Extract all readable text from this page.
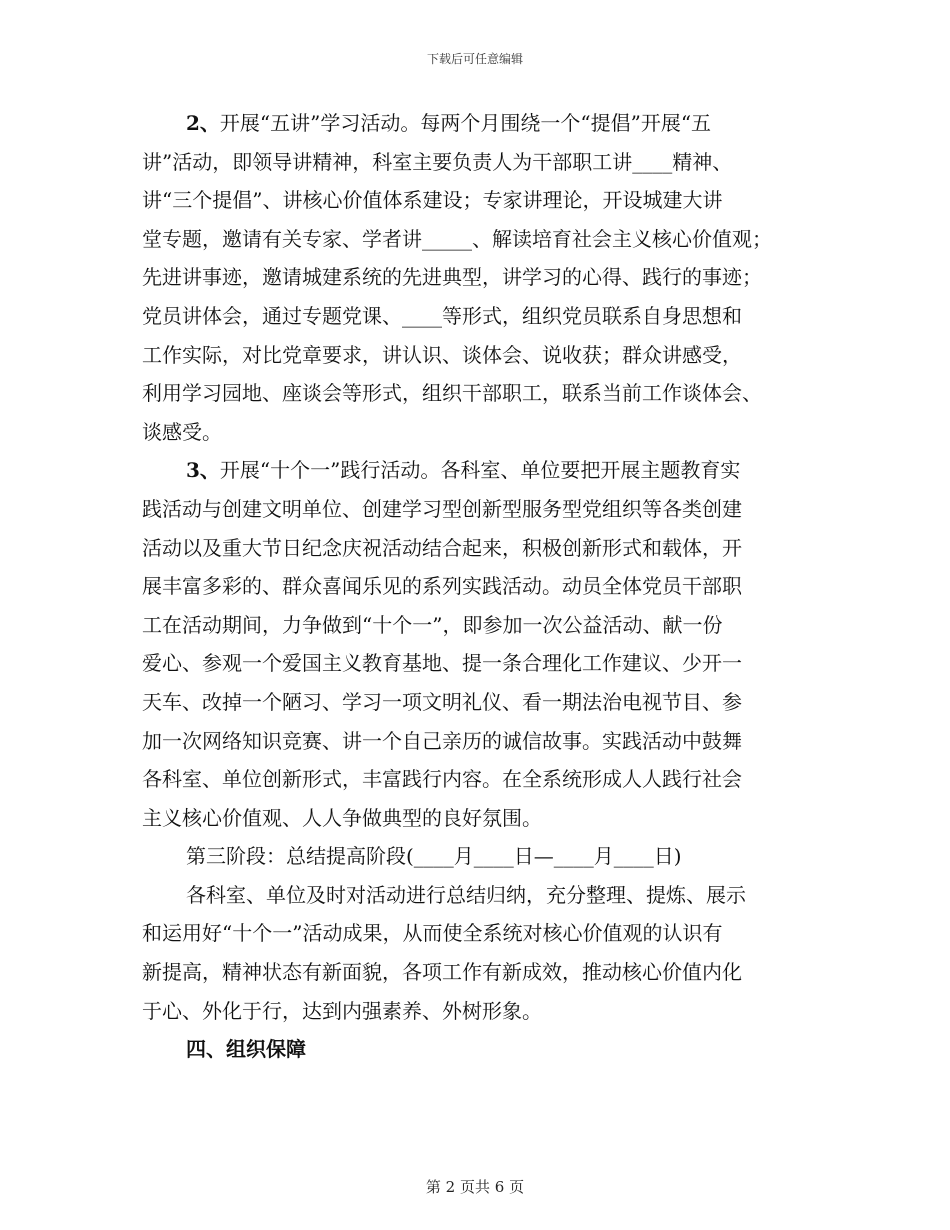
下载后可任意编辑
2、开展“五讲”学习活动。每两个月围绕一个“提倡”开展“五
讲”活动，即领导讲精神，科室主要负责人为干部职工讲____精神、
讲“三个提倡”、讲核心价值体系建设；专家讲理论，开设城建大讲
堂专题，邀请有关专家、学者讲_____、解读培育社会主义核心价值观；
先进讲事迹，邀请城建系统的先进典型，讲学习的心得、践行的事迹；
党员讲体会，通过专题党课、____等形式，组织党员联系自身思想和
工作实际，对比党章要求，讲认识、谈体会、说收获；群众讲感受，
利用学习园地、座谈会等形式，组织干部职工，联系当前工作谈体会、
谈感受。
3、开展“十个一”践行活动。各科室、单位要把开展主题教育实
践活动与创建文明单位、创建学习型创新型服务型党组织等各类创建
活动以及重大节日纪念庆祝活动结合起来，积极创新形式和载体，开
展丰富多彩的、群众喜闻乐见的系列实践活动。动员全体党员干部职
工在活动期间，力争做到“十个一”，即参加一次公益活动、献一份
爱心、参观一个爱国主义教育基地、提一条合理化工作建议、少开一
天车、改掉一个陋习、学习一项文明礼仪、看一期法治电视节目、参
加一次网络知识竞赛、讲一个自己亲历的诚信故事。实践活动中鼓舞
各科室、单位创新形式，丰富践行内容。在全系统形成人人践行社会
主义核心价值观、人人争做典型的良好氛围。
第三阶段：总结提高阶段(____月____日—____月____日)
各科室、单位及时对活动进行总结归纳，充分整理、提炼、展示
和运用好“十个一”活动成果，从而使全系统对核心价值观的认识有
新提高，精神状态有新面貌，各项工作有新成效，推动核心价值内化
于心、外化于行，达到内强素养、外树形象。
四、组织保障
第 2 页共 6 页
